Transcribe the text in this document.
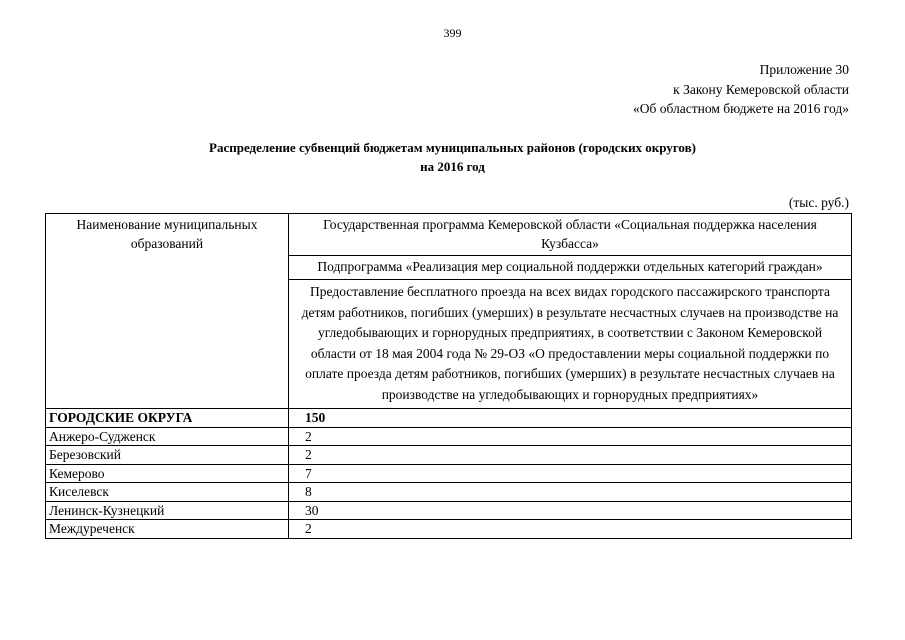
399
Приложение 30
к Закону Кемеровской области
«Об областном бюджете на 2016 год»
Распределение субвенций бюджетам муниципальных районов (городских округов)
на 2016 год
(тыс. руб.)
Наименование муниципальных образований	Государственная программа Кемеровской области «Социальная поддержка населения Кузбасса»
	Подпрограмма «Реализация мер социальной поддержки отдельных категорий граждан»
	Предоставление бесплатного проезда на всех видах городского пассажирского транспорта детям работников, погибших (умерших) в результате несчастных случаев на производстве на угледобывающих и горнорудных предприятиях, в соответствии с Законом Кемеровской области от 18 мая 2004 года № 29-ОЗ «О предоставлении меры социальной поддержки по оплате проезда детям работников, погибших (умерших) в результате несчастных случаев на производстве на угледобывающих и горнорудных предприятиях»
ГОРОДСКИЕ ОКРУГА	150
Анжеро-Судженск	2
Березовский	2
Кемерово	7
Киселевск	8
Ленинск-Кузнецкий	30
Междуреченск	2
